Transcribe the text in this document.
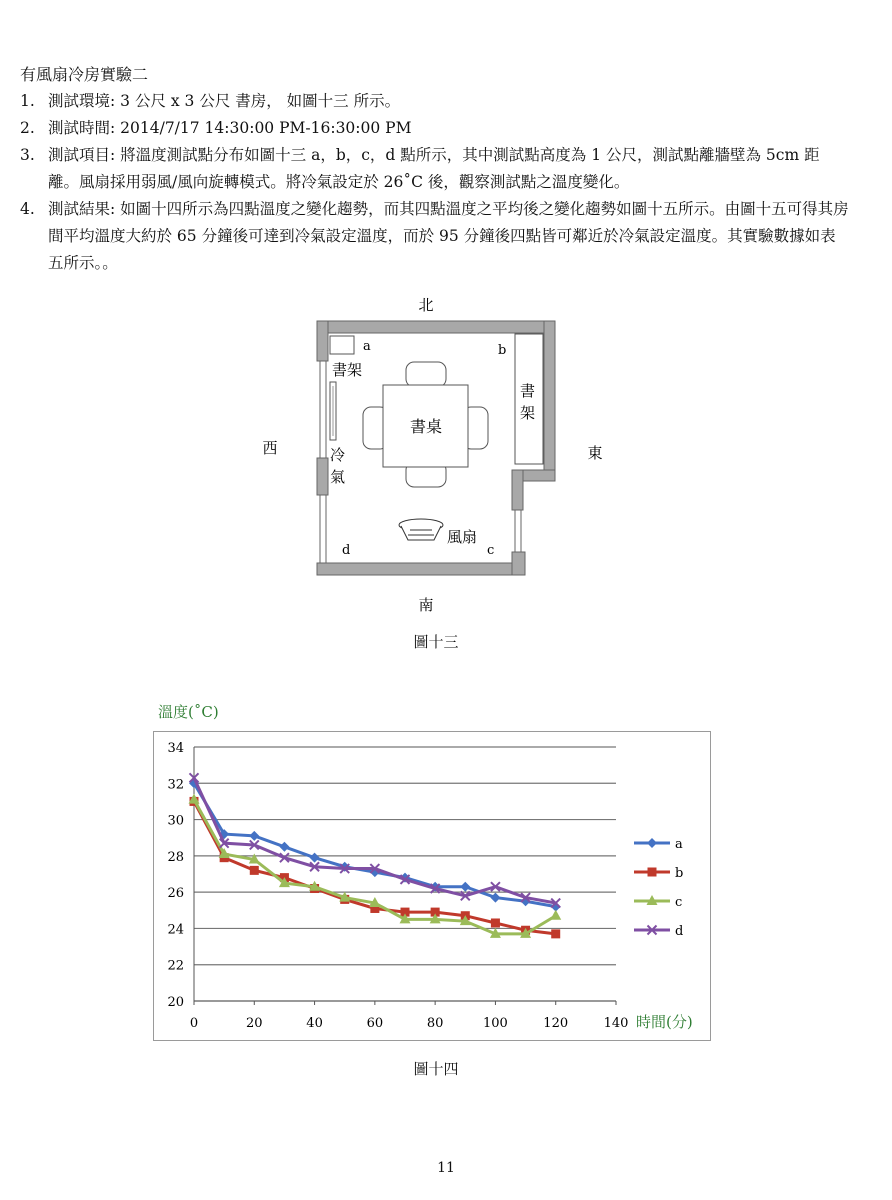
有風扇冷房實驗二
1. 測試環境: 3 公尺 x 3 公尺 書房， 如圖十三 所示。
2. 測試時間: 2014/7/17 14:30:00 PM-16:30:00 PM
3. 測試項目: 將溫度測試點分布如圖十三 a，b，c，d 點所示，其中測試點高度為 1 公尺，測試點離牆壁為 5cm 距離。風扇採用弱風/風向旋轉模式。將冷氣設定於 26˚C 後，觀察測試點之溫度變化。
4. 測試結果: 如圖十四所示為四點溫度之變化趨勢，而其四點溫度之平均後之變化趨勢如圖十五所示。由圖十五可得其房間平均溫度大約於 65 分鐘後可達到冷氣設定溫度，而於 95 分鐘後四點皆可鄰近於冷氣設定溫度。其實驗數據如表五所示。。
北
南
西	東
a	b
書架
冷
氣
書
架
書桌
風扇
d	c
圖十三
溫度(˚C)
時間(分)
20
22
24
26
28
30
32
34
0	20	40	60	80	100	120	140
a
b
c
d
圖十四
11
